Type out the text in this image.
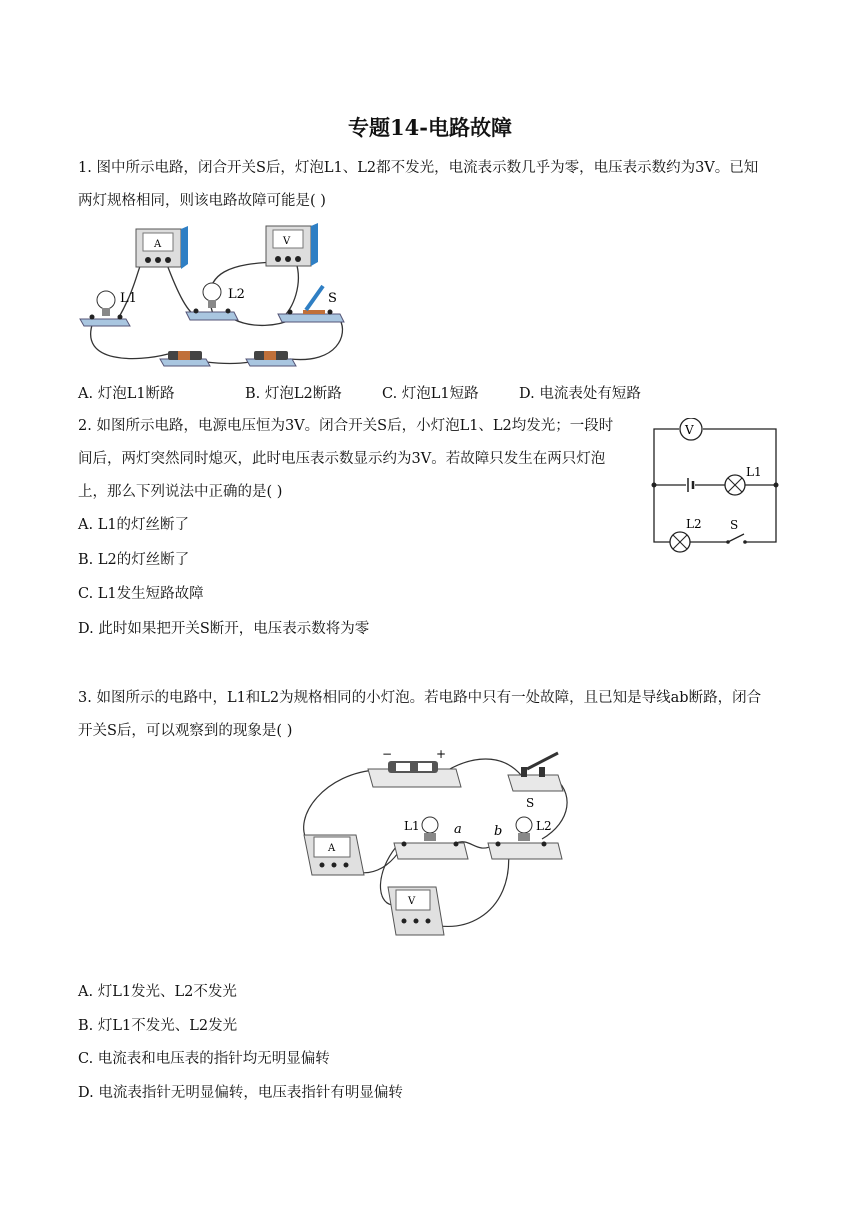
专题14-电路故障
1. 图中所示电路，闭合开关S后，灯泡L1、L2都不发光，电流表示数几乎为零，电压表示数约为3V。已知
两灯规格相同，则该电路故障可能是( )
A	V
L1	L2	S
A. 灯泡L1断路	B. 灯泡L2断路	C. 灯泡L1短路	D. 电流表处有短路
2. 如图所示电路，电源电压恒为3V。闭合开关S后，小灯泡L1、L2均发光；一段时
间后，两灯突然同时熄灭，此时电压表示数显示约为3V。若故障只发生在两只灯泡
上，那么下列说法中正确的是( )
V
L1
L2 S
A. L1的灯丝断了
B. L2的灯丝断了
C. L1发生短路故障
D. 此时如果把开关S断开，电压表示数将为零
3. 如图所示的电路中，L1和L2为规格相同的小灯泡。若电路中只有一处故障，且已知是导线ab断路，闭合
开关S后，可以观察到的现象是( )
−	+
S
A
L1	a b	L2
V
A. 灯L1发光、L2不发光
B. 灯L1不发光、L2发光
C. 电流表和电压表的指针均无明显偏转
D. 电流表指针无明显偏转，电压表指针有明显偏转
